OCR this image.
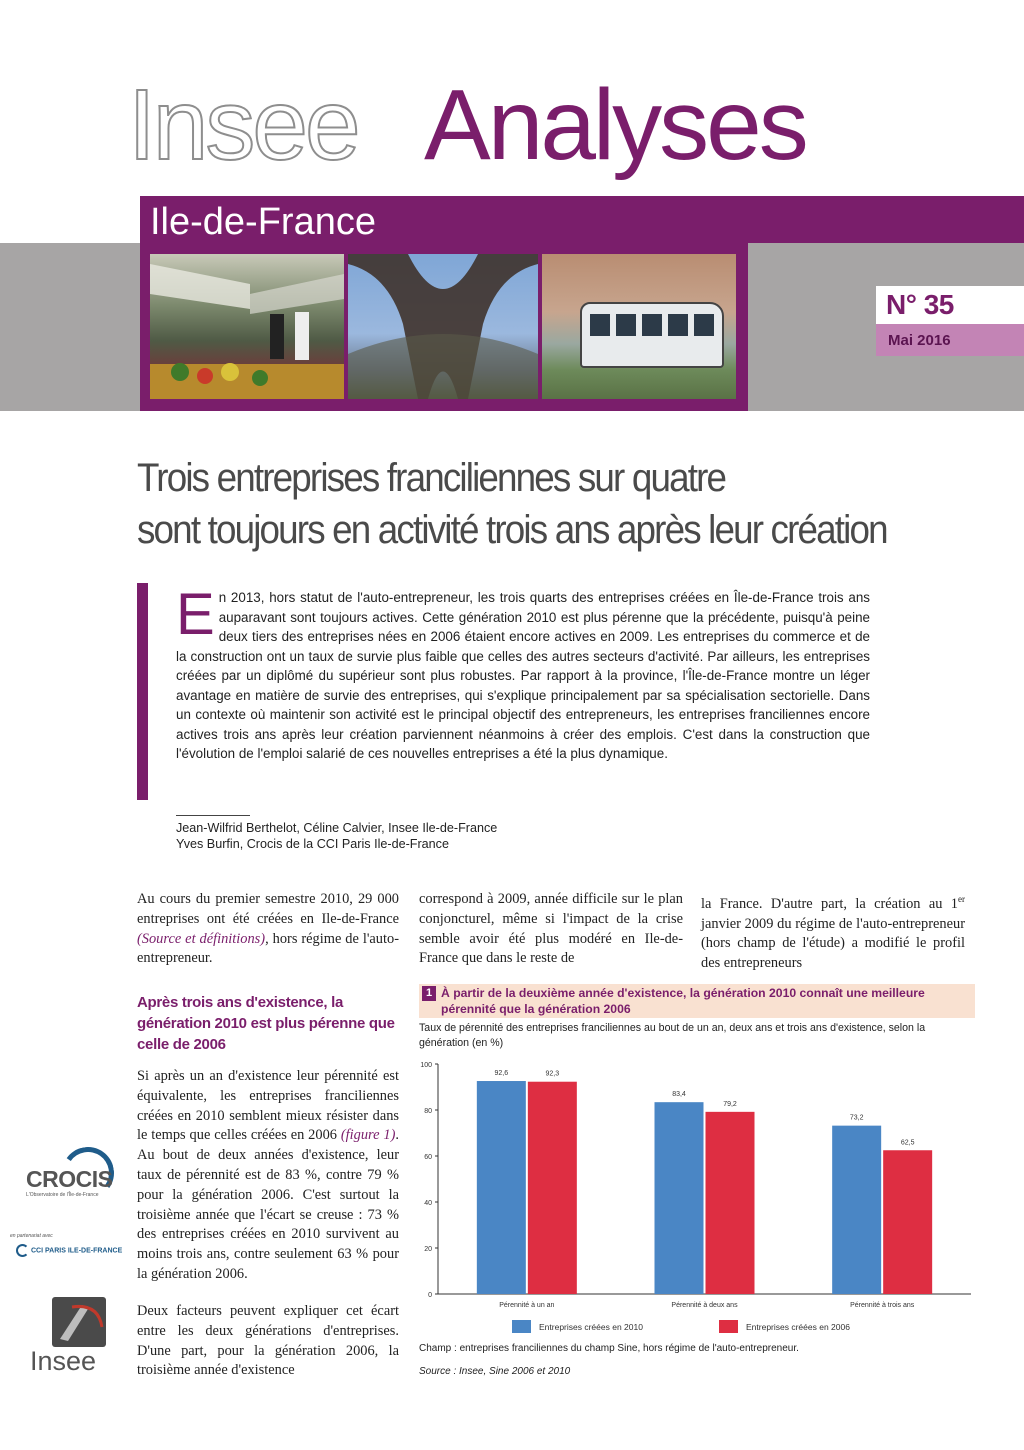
N° 35
Mai 2016
Insee Analyses
Ile-de-France
Trois entreprises franciliennes sur quatre
sont toujours en activité trois ans après leur création
En 2013, hors statut de l'auto-entrepreneur, les trois quarts des entreprises créées en Île-de-France trois ans auparavant sont toujours actives. Cette génération 2010 est plus pérenne que la précédente, puisqu'à peine deux tiers des entreprises nées en 2006 étaient encore actives en 2009. Les entreprises du commerce et de la construction ont un taux de survie plus faible que celles des autres secteurs d'activité. Par ailleurs, les entreprises créées par un diplômé du supérieur sont plus robustes. Par rapport à la province, l'Île-de-France montre un léger avantage en matière de survie des entreprises, qui s'explique principalement par sa spécialisation sectorielle. Dans un contexte où maintenir son activité est le principal objectif des entrepreneurs, les entreprises franciliennes encore actives trois ans après leur création parviennent néanmoins à créer des emplois. C'est dans la construction que l'évolution de l'emploi salarié de ces nouvelles entreprises a été la plus dynamique.
Jean-Wilfrid Berthelot, Céline Calvier, Insee Ile-de-France
Yves Burfin, Crocis de la CCI Paris Ile-de-France
Au cours du premier semestre 2010, 29 000 entreprises ont été créées en Ile-de-France (Source et définitions), hors régime de l'auto-entrepreneur.
Après trois ans d'existence, la génération 2010 est plus pérenne que celle de 2006
Si après un an d'existence leur pérennité est équivalente, les entreprises franciliennes créées en 2010 semblent mieux résister dans le temps que celles créées en 2006 (figure 1). Au bout de deux années d'existence, leur taux de pérennité est de 83 %, contre 79 % pour la génération 2006. C'est surtout la troisième année que l'écart se creuse : 73 % des entreprises créées en 2010 survivent au moins trois ans, contre seulement 63 % pour la génération 2006.
Deux facteurs peuvent expliquer cet écart entre les deux générations d'entreprises. D'une part, pour la génération 2006, la troisième année d'existence
correspond à 2009, année difficile sur le plan conjoncturel, même si l'impact de la crise semble avoir été plus modéré en Ile-de-France que dans le reste de
la France. D'autre part, la création au 1er janvier 2009 du régime de l'auto-entrepreneur (hors champ de l'étude) a modifié le profil des entrepreneurs
CROCIS
L'Observatoire de l'Île-de-France
en partenariat avec
CCI PARIS ILE-DE-FRANCE
Insee
1 À partir de la deuxième année d'existence, la génération 2010 connaît une meilleure pérennité que la génération 2006
Taux de pérennité des entreprises franciliennes au bout de un an, deux ans et trois ans d'existence, selon la génération (en %)
0
20
40
60
80
100
92,6	92,3
Pérennité à un an
83,4
79,2
Pérennité à deux ans
73,2
62,5
Pérennité à trois ans
Entreprises créées en 2010	Entreprises créées en 2006
Champ : entreprises franciliennes du champ Sine, hors régime de l'auto-entrepreneur.
Source : Insee, Sine 2006 et 2010
